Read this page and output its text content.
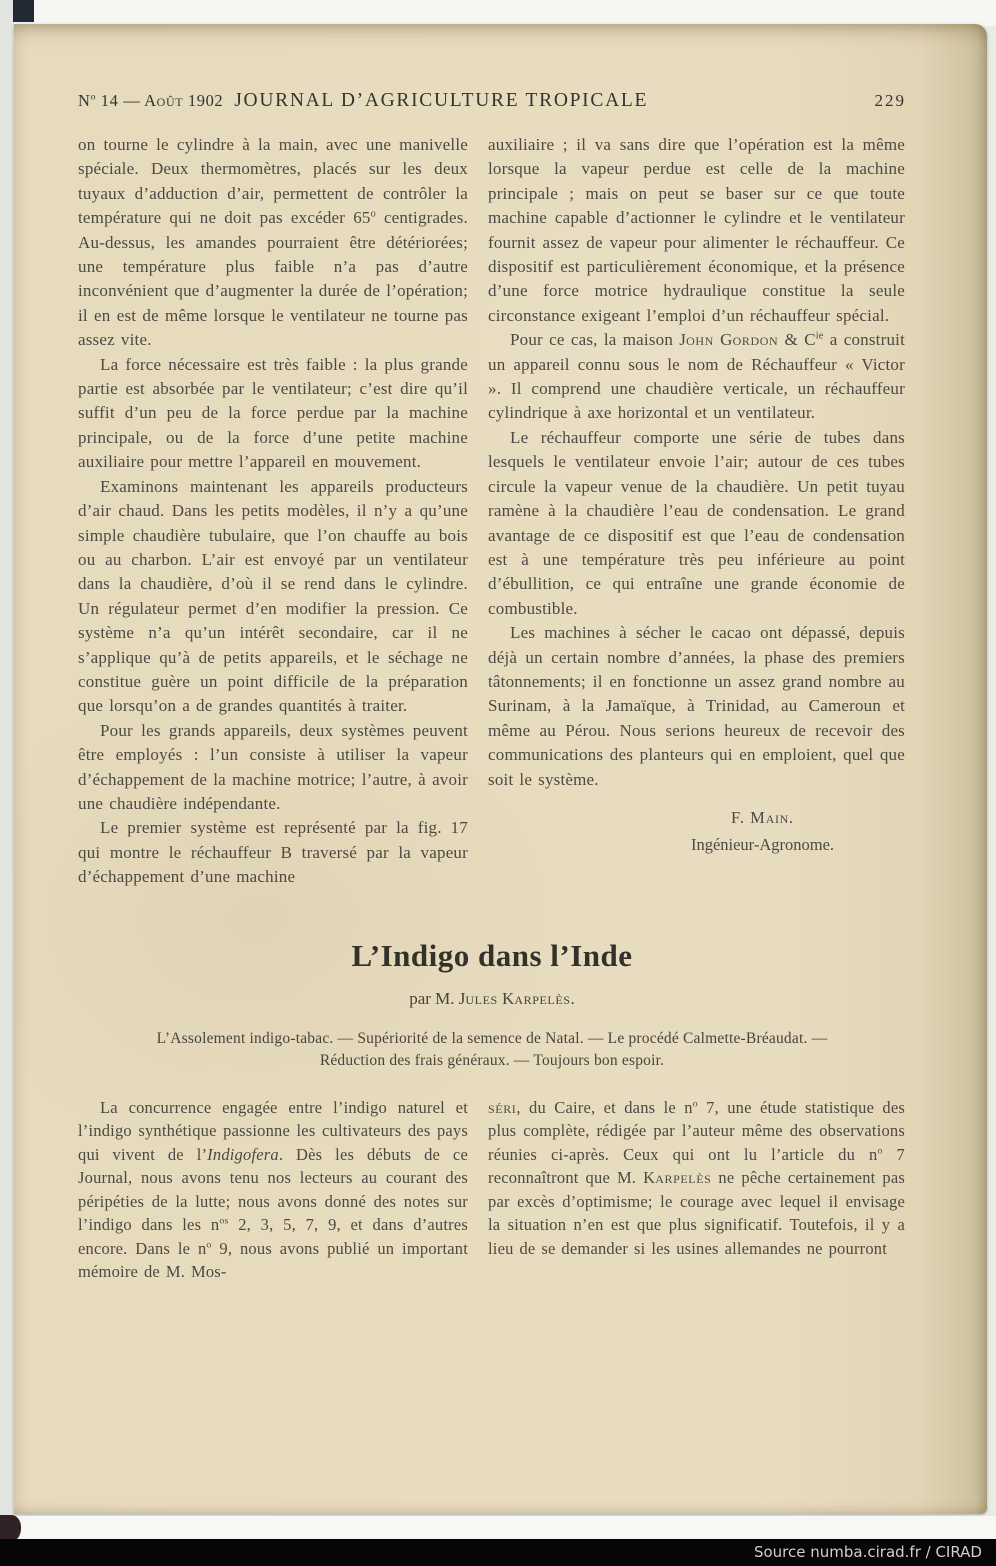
$N^o$ 14 — Août 1902 JOURNAL D’AGRICULTURE TROPICALE	229

on tourne le cylindre à la main, avec une manivelle spéciale. Deux thermomètres, placés sur les deux tuyaux d’adduction d’air, permettent de contrôler la température qui ne doit pas excéder 65$^o$ centigrades. Au-dessus, les amandes pourraient être détériorées; une température plus faible n’a pas d’autre inconvénient que d’augmenter la durée de l’opération; il en est de même lorsque le ventilateur ne tourne pas assez vite.

La force nécessaire est très faible : la plus grande partie est absorbée par le ventilateur; c’est dire qu’il suffit d’un peu de la force perdue par la machine principale, ou de la force d’une petite machine auxiliaire pour mettre l’appareil en mouvement.

Examinons maintenant les appareils producteurs d’air chaud. Dans les petits modèles, il n’y a qu’une simple chaudière tubulaire, que l’on chauffe au bois ou au charbon. L’air est envoyé par un ventilateur dans la chaudière, d’où il se rend dans le cylindre. Un régulateur permet d’en modifier la pression. Ce système n’a qu’un intérêt secondaire, car il ne s’applique qu’à de petits appareils, et le séchage ne constitue guère un point difficile de la préparation que lorsqu’on a de grandes quantités à traiter.

Pour les grands appareils, deux systèmes peuvent être employés : l’un consiste à utiliser la vapeur d’échappement de la machine motrice; l’autre, à avoir une chaudière indépendante.

Le premier système est représenté par la fig. 17 qui montre le réchauffeur B traversé par la vapeur d’échappement d’une machine

auxiliaire ; il va sans dire que l’opération est la même lorsque la vapeur perdue est celle de la machine principale ; mais on peut se baser sur ce que toute machine capable d’actionner le cylindre et le ventilateur fournit assez de vapeur pour alimenter le réchauffeur. Ce dispositif est particulièrement économique, et la présence d’une force motrice hydraulique constitue la seule circonstance exigeant l’emploi d’un réchauffeur spécial.

Pour ce cas, la maison John Gordon & $C^{ie}$ a construit un appareil connu sous le nom de Réchauffeur « Victor ». Il comprend une chaudière verticale, un réchauffeur cylindrique à axe horizontal et un ventilateur.

Le réchauffeur comporte une série de tubes dans lesquels le ventilateur envoie l’air; autour de ces tubes circule la vapeur venue de la chaudière. Un petit tuyau ramène à la chaudière l’eau de condensation. Le grand avantage de ce dispositif est que l’eau de condensation est à une température très peu inférieure au point d’ébullition, ce qui entraîne une grande économie de combustible.

Les machines à sécher le cacao ont dépassé, depuis déjà un certain nombre d’années, la phase des premiers tâtonnements; il en fonctionne un assez grand nombre au Surinam, à la Jamaïque, à Trinidad, au Cameroun et même au Pérou. Nous serions heureux de recevoir des communications des planteurs qui en emploient, quel que soit le système.

F. Main.
Ingénieur-Agronome.
L’Indigo dans l’Inde
par M. Jules Karpelès.
L’Assolement indigo-tabac. — Supériorité de la semence de Natal. — Le procédé Calmette-Bréaudat. —
Réduction des frais généraux. — Toujours bon espoir.

La concurrence engagée entre l’indigo naturel et l’indigo synthétique passionne les cultivateurs des pays qui vivent de l’Indigofera. Dès les débuts de ce Journal, nous avons tenu nos lecteurs au courant des péripéties de la lutte; nous avons donné des notes sur l’indigo dans les $n^{os}$ 2, 3, 5, 7, 9, et dans d’autres encore. Dans le $n^o$ 9, nous avons publié un important mémoire de M. Mos-

séri, du Caire, et dans le $n^o$ 7, une étude statistique des plus complète, rédigée par l’auteur même des observations réunies ci-après. Ceux qui ont lu l’article du $n^o$ 7 reconnaîtront que M. Karpelès ne pêche certainement pas par excès d’optimisme; le courage avec lequel il envisage la situation n’en est que plus significatif. Toutefois, il y a lieu de se demander si les usines allemandes ne pourront

Source numba.cirad.fr / CIRAD
